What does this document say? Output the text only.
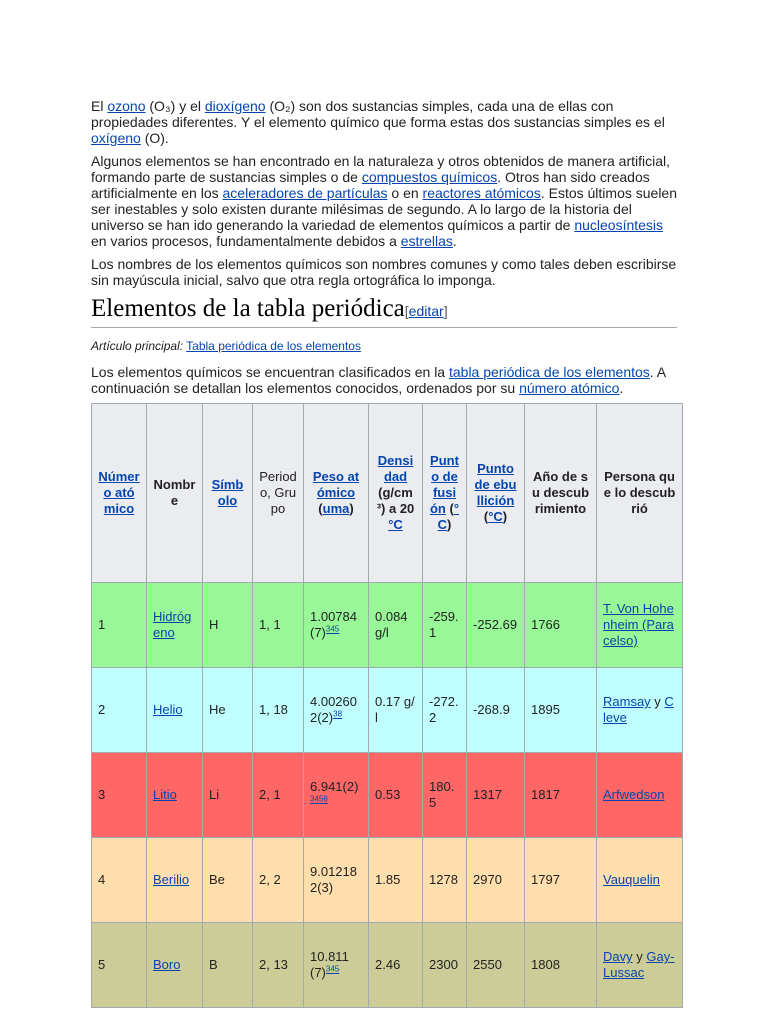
El ozono (O₃) y el dioxígeno (O₂) son dos sustancias simples, cada una de ellas con propiedades diferentes. Y el elemento químico que forma estas dos sustancias simples es el oxígeno (O).

Algunos elementos se han encontrado en la naturaleza y otros obtenidos de manera artificial, formando parte de sustancias simples o de compuestos químicos. Otros han sido creados artificialmente en los aceleradores de partículas o en reactores atómicos. Estos últimos suelen ser inestables y solo existen durante milésimas de segundo. A lo largo de la historia del universo se han ido generando la variedad de elementos químicos a partir de nucleosíntesis en varios procesos, fundamentalmente debidos a estrellas.

Los nombres de los elementos químicos son nombres comunes y como tales deben escribirse sin mayúscula inicial, salvo que otra regla ortográfica lo imponga.

Elementos de la tabla periódica[editar]
Artículo principal: Tabla periódica de los elementos

Los elementos químicos se encuentran clasificados en la tabla periódica de los elementos. A continuación se detallan los elementos conocidos, ordenados por su número atómico.

Número atómico	Nombre	Símbolo	Periodo, Grupo	Peso atómico (uma)	Densidad (g/cm³) a 20 °C	Punto de fusión (°C)	Punto de ebullición (°C)	Año de su descubrimiento	Persona que lo descubrió
1	Hidrógeno	H	1, 1	$1.00784(7)^{345}$	0.084 g/l	-259.1	-252.69	1766	T. Von Hohenheim (Paracelso)
2	Helio	He	1, 18	$4.002602(2)^{38}$	0.17 g/l	-272.2	-268.9	1895	Ramsay y Cleve
3	Litio	Li	2, 1	$6.941(2)^{3456}$	0.53	180.5	1317	1817	Arfwedson
4	Berilio	Be	2, 2	9.012182(3)	1.85	1278	2970	1797	Vauquelin
5	Boro	B	2, 13	$10.811(7)^{345}$	2.46	2300	2550	1808	Davy y Gay-Lussac
